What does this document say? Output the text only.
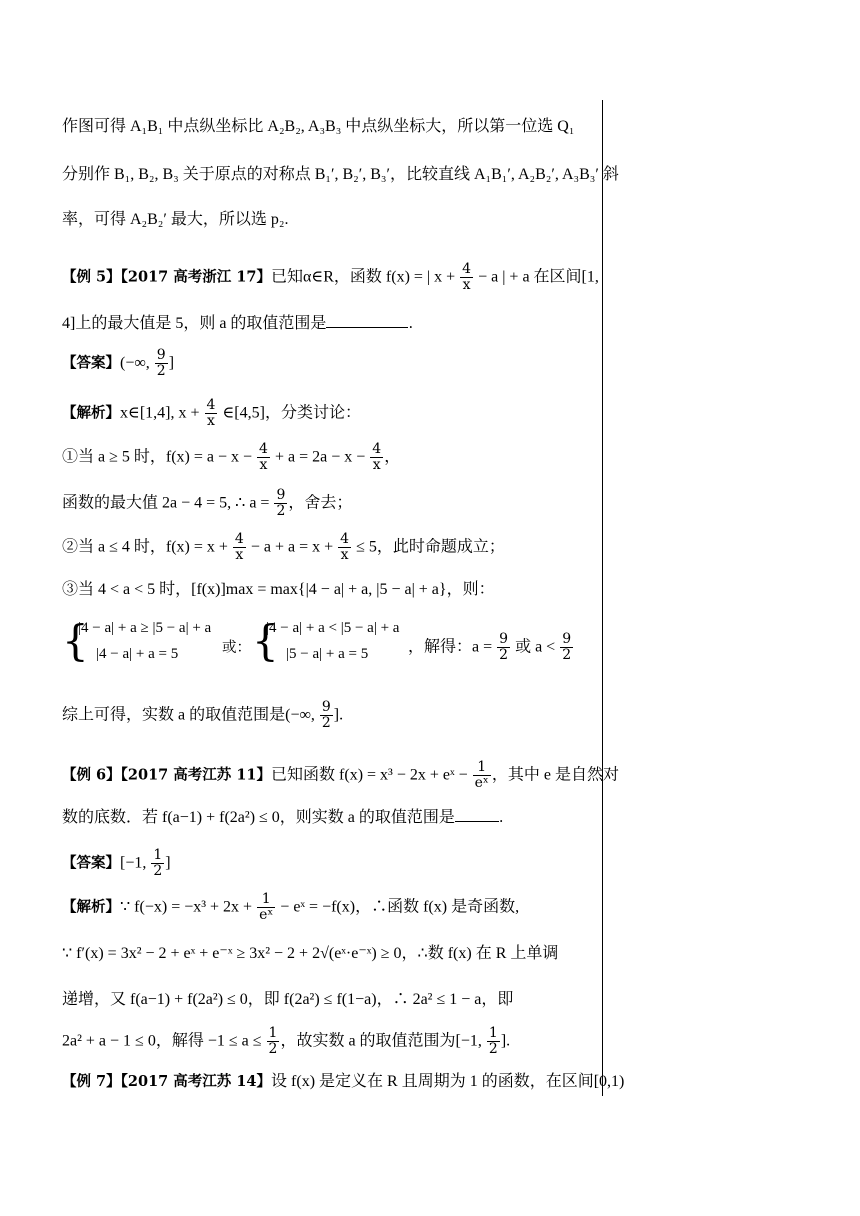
作图可得 A₁B₁ 中点纵坐标比 A₂B₂, A₃B₃ 中点纵坐标大，所以第一位选 Q₁
分别作 B₁, B₂, B₃ 关于原点的对称点 B₁′, B₂′, B₃′，比较直线 A₁B₁′, A₂B₂′, A₃B₃′ 斜
率，可得 A₂B₂′ 最大，所以选 p₂.
【例 5】【2017 高考浙江 17】已知α∈R，函数 f(x) = | $x + \frac{4}{x} - a$ | + a 在区间[1,
4]上的最大值是 5，则 a 的取值范围是	.
【答案】(−∞, $\frac{9}{2}$ ]
【解析】x∈[1,4], $x + \frac{4}{x}$ ∈[4,5]，分类讨论：
①当 a ≥ 5 时，$f(x) = a - x - \frac{4}{x} + a = 2a - x - \frac{4}{x}$ ，
函数的最大值 2a − 4 = 5, ∴ $a = \frac{9}{2}$ ，舍去；
②当 a ≤ 4 时，$f(x) = x + \frac{4}{x} - a + a = x + \frac{4}{x} \le 5$，此时命题成立；
③当 4 < a < 5 时，[f(x)]max = max{|4 − a| + a, |5 − a| + a}，则：
{
|4 − a| + a ≥ |5 − a| + a
|4 − a| + a = 5	或： {
|4 − a| + a < |5 − a| + a
|5 − a| + a = 5 ，解得：$a = \frac{9}{2}$ 或 $a < \frac{9}{2}$
综上可得，实数 a 的取值范围是(−∞, $\frac{9}{2}$ ].
【例 6】【2017 高考江苏 11】已知函数 f(x) = x³ − 2x + eˣ − $\frac{1}{\text{eˣ}}$ ，其中 e 是自然对
数的底数．若 f(a−1) + f(2a²) ≤ 0，则实数 a 的取值范围是	.
【答案】[−1, $\frac{1}{2}$ ]
【解析】∵ $f(-x) = -x^3 + 2x + \frac{1}{\text{eˣ}}$ − eˣ = −f(x)，∴函数 f(x) 是奇函数,
∵ f′(x) = 3x² − 2 + eˣ + e⁻ˣ ≥ 3x² − 2 + 2√(eˣ·e⁻ˣ) ≥ 0，∴数 f(x) 在 R 上单调
递增，又 f(a−1) + f(2a²) ≤ 0，即 f(2a²) ≤ f(1−a)，∴ 2a² ≤ 1 − a，即
2a² + a − 1 ≤ 0，解得 $-1 \le a \le \frac{1}{2}$ ，故实数 a 的取值范围为[−1, $\frac{1}{2}$ ].
【例 7】【2017 高考江苏 14】设 f(x) 是定义在 R 且周期为 1 的函数，在区间[0,1)
